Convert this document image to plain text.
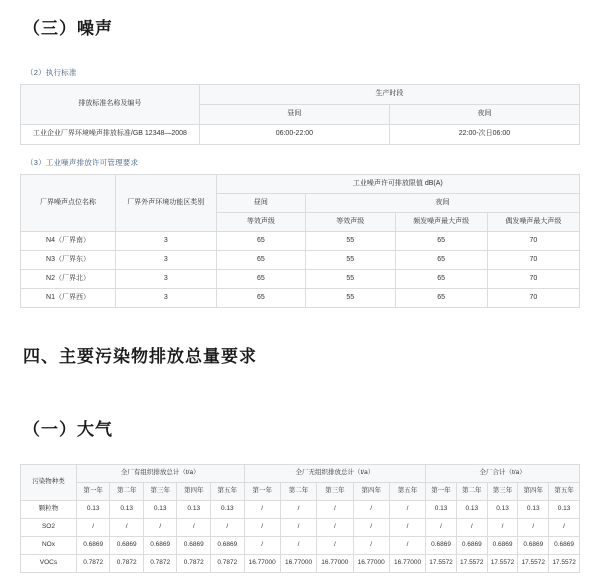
（三）噪声

（2）执行标准

排放标准名称及编号	生产时段	
	昼间	夜间
工业企业厂界环境噪声排放标准/GB 12348—2008	06:00-22:00	22:00-次日06:00

（3）工业噪声排放许可管理要求

厂界噪声点位名称	厂界外声环境功能区类别	工业噪声许可排放限值 dB(A)			
		昼间	夜间		
		等效声级	等效声级	频发噪声最大声级	偶发噪声最大声级
N4（厂界南）	3	65	55	65	70
N3（厂界东）	3	65	55	65	70
N2（厂界北）	3	65	55	65	70
N1（厂界西）	3	65	55	65	70
四、主要污染物排放总量要求
（一）大气
污染物种类	全厂有组织排放总计（t/a）					全厂无组织排放总计（t/a）					全厂合计（t/a）				
	第一年	第二年	第三年	第四年	第五年	第一年	第二年	第三年	第四年	第五年	第一年	第二年	第三年	第四年	第五年
颗粒物	0.13	0.13	0.13	0.13	0.13	/	/	/	/	/	0.13	0.13	0.13	0.13	0.13
SO2	/	/	/	/	/	/	/	/	/	/	/	/	/	/	/
NOx	0.6869	0.6869	0.6869	0.6869	0.6869	/	/	/	/	/	0.6869	0.6869	0.6869	0.6869	0.6869
VOCs	0.7872	0.7872	0.7872	0.7872	0.7872	16.77000	16.77000	16.77000	16.77000	16.77000	17.5572	17.5572	17.5572	17.5572	17.5572
